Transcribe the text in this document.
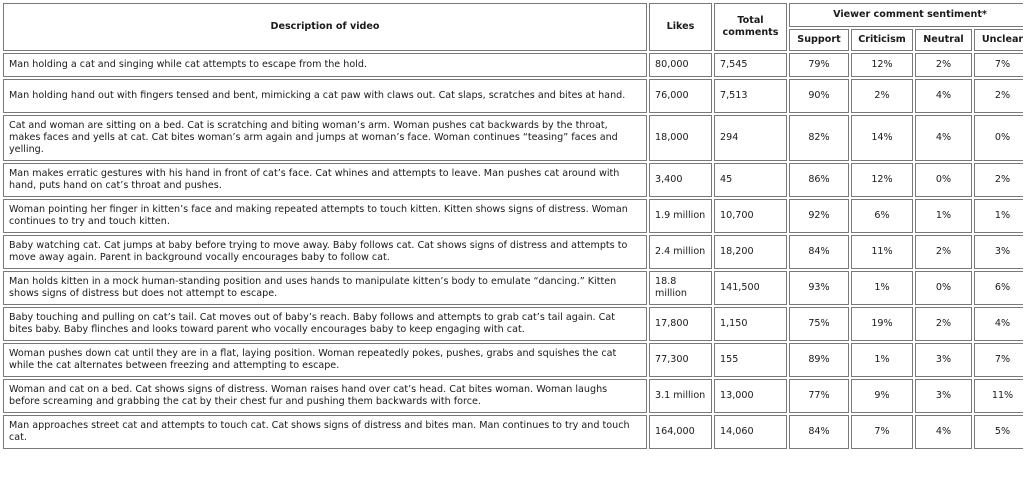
Description of video	Likes	Total comments	Viewer comment sentiment*			
			Support	Criticism	Neutral	Unclear
Man holding a cat and singing while cat attempts to escape from the hold.	80,000	7,545	79%	12%	2%	7%
Man holding hand out with fingers tensed and bent, mimicking a cat paw with claws out. Cat slaps, scratches and bites at hand.	76,000	7,513	90%	2%	4%	2%
Cat and woman are sitting on a bed. Cat is scratching and biting woman’s arm. Woman pushes cat backwards by the throat, makes faces and yells at cat. Cat bites woman’s arm again and jumps at woman’s face. Woman continues “teasing” faces and yelling.	18,000	294	82%	14%	4%	0%
Man makes erratic gestures with his hand in front of cat’s face. Cat whines and attempts to leave. Man pushes cat around with hand, puts hand on cat’s throat and pushes.	3,400	45	86%	12%	0%	2%
Woman pointing her finger in kitten’s face and making repeated attempts to touch kitten. Kitten shows signs of distress. Woman continues to try and touch kitten.	1.9 million	10,700	92%	6%	1%	1%
Baby watching cat. Cat jumps at baby before trying to move away. Baby follows cat. Cat shows signs of distress and attempts to move away again. Parent in background vocally encourages baby to follow cat.	2.4 million	18,200	84%	11%	2%	3%
Man holds kitten in a mock human-standing position and uses hands to manipulate kitten’s body to emulate “dancing.” Kitten shows signs of distress but does not attempt to escape.	18.8 million	141,500	93%	1%	0%	6%
Baby touching and pulling on cat’s tail. Cat moves out of baby’s reach. Baby follows and attempts to grab cat’s tail again. Cat bites baby. Baby flinches and looks toward parent who vocally encourages baby to keep engaging with cat.	17,800	1,150	75%	19%	2%	4%
Woman pushes down cat until they are in a flat, laying position. Woman repeatedly pokes, pushes, grabs and squishes the cat while the cat alternates between freezing and attempting to escape.	77,300	155	89%	1%	3%	7%
Woman and cat on a bed. Cat shows signs of distress. Woman raises hand over cat’s head. Cat bites woman. Woman laughs before screaming and grabbing the cat by their chest fur and pushing them backwards with force.	3.1 million	13,000	77%	9%	3%	11%
Man approaches street cat and attempts to touch cat. Cat shows signs of distress and bites man. Man continues to try and touch cat.	164,000	14,060	84%	7%	4%	5%
